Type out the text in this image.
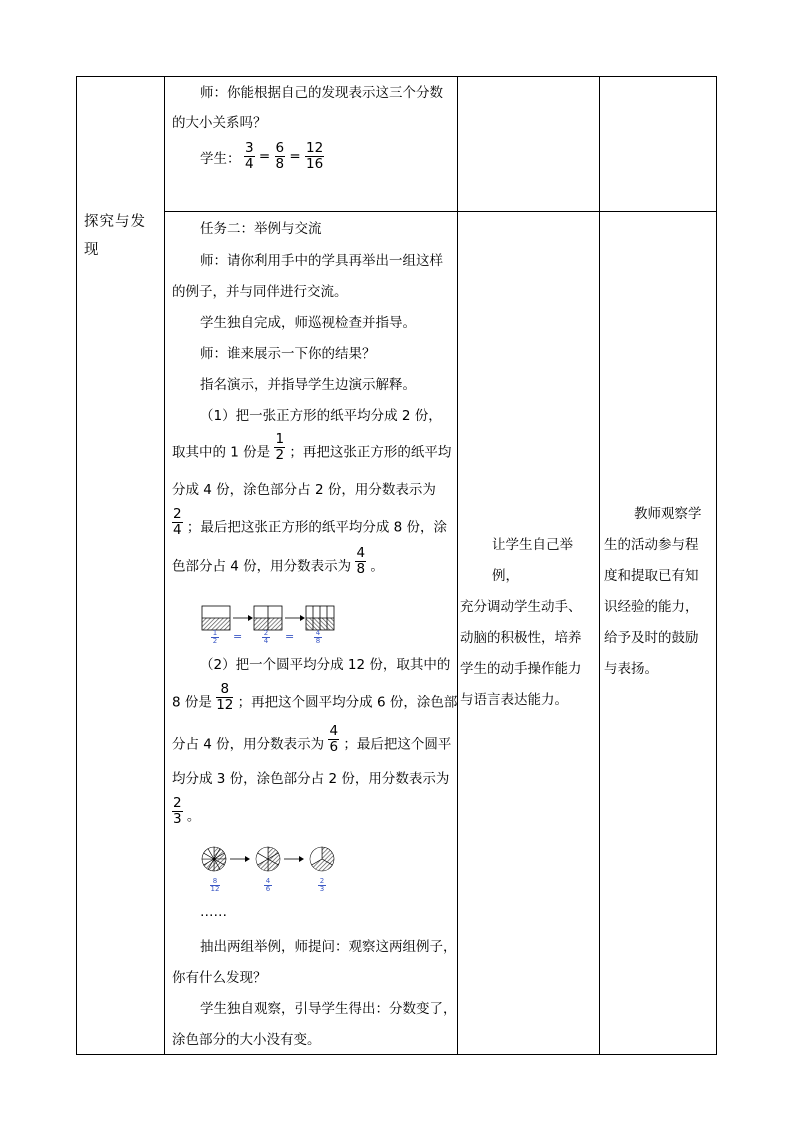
探究与发现
师：你能根据自己的发现表示这三个分数
的大小关系吗？
学生： $\frac{3}{4} = \frac{6}{8} = \frac{12}{16}$
任务二：举例与交流
师：请你利用手中的学具再举出一组这样
的例子，并与同伴进行交流。
学生独自完成，师巡视检查并指导。
师：谁来展示一下你的结果？
指名演示，并指导学生边演示解释。
（1）把一张正方形的纸平均分成 2 份，
取其中的 1 份是 $\frac{1}{2}$ ；再把这张正方形的纸平均
分成 4 份，涂色部分占 2 份，用分数表示为
$\frac{2}{4}$ ；最后把这张正方形的纸平均分成 8 份，涂
色部分占 4 份，用分数表示为 $\frac{4}{8}$ 。
1
2 =	2
4 =	4
8
（2）把一个圆平均分成 12 份，取其中的
8 份是 $\frac{8}{12}$ ；再把这个圆平均分成 6 份，涂色部
分占 4 份，用分数表示为 $\frac{4}{6}$ ；最后把这个圆平
均分成 3 份，涂色部分占 2 份，用分数表示为
$\frac{2}{3}$ 。
8
12
4
6
2
3
……
抽出两组举例，师提问：观察这两组例子，
你有什么发现？
学生独自观察，引导学生得出：分数变了，
涂色部分的大小没有变。
让学生自己举例，
充分调动学生动手、
动脑的积极性，培养
学生的动手操作能力
与语言表达能力。
教师观察学
生的活动参与程
度和提取已有知
识经验的能力，
给予及时的鼓励
与表扬。
